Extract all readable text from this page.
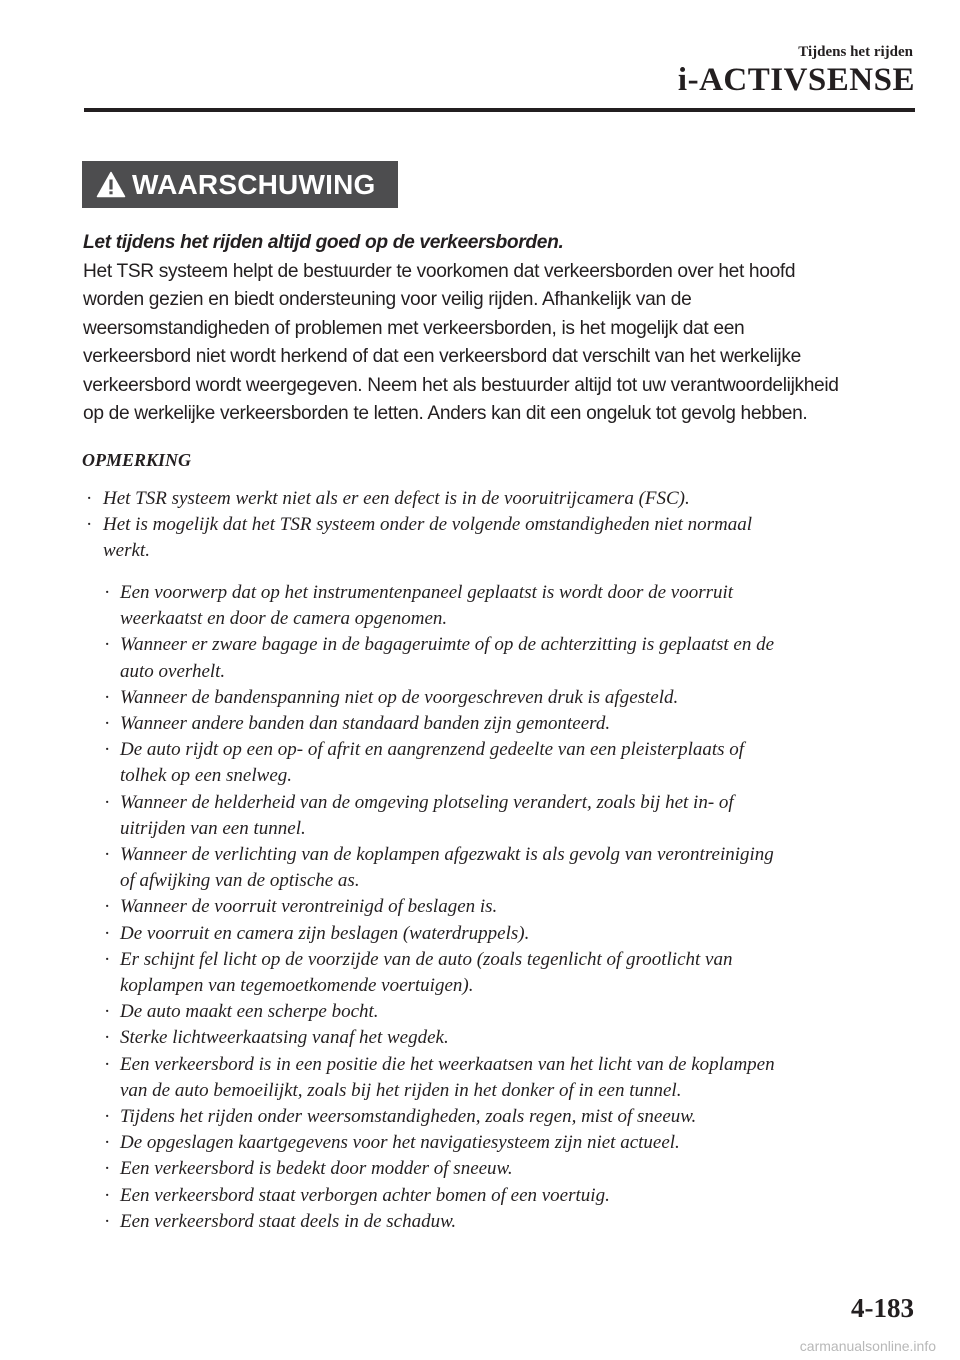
Tijdens het rijden
i-ACTIVSENSE
WAARSCHUWING
Let tijdens het rijden altijd goed op de verkeersborden.
Het TSR systeem helpt de bestuurder te voorkomen dat verkeersborden over het hoofd
worden gezien en biedt ondersteuning voor veilig rijden. Afhankelijk van de
weersomstandigheden of problemen met verkeersborden, is het mogelijk dat een
verkeersbord niet wordt herkend of dat een verkeersbord dat verschilt van het werkelijke
verkeersbord wordt weergegeven. Neem het als bestuurder altijd tot uw verantwoordelijkheid
op de werkelijke verkeersborden te letten. Anders kan dit een ongeluk tot gevolg hebben.
OPMERKING
· Het TSR systeem werkt niet als er een defect is in de vooruitrijcamera (FSC).
· Het is mogelijk dat het TSR systeem onder de volgende omstandigheden niet normaal
werkt.
· Een voorwerp dat op het instrumentenpaneel geplaatst is wordt door de voorruit
weerkaatst en door de camera opgenomen.
· Wanneer er zware bagage in de bagageruimte of op de achterzitting is geplaatst en de
auto overhelt.
· Wanneer de bandenspanning niet op de voorgeschreven druk is afgesteld.
· Wanneer andere banden dan standaard banden zijn gemonteerd.
· De auto rijdt op een op- of afrit en aangrenzend gedeelte van een pleisterplaats of
tolhek op een snelweg.
· Wanneer de helderheid van de omgeving plotseling verandert, zoals bij het in- of
uitrijden van een tunnel.
· Wanneer de verlichting van de koplampen afgezwakt is als gevolg van verontreiniging
of afwijking van de optische as.
· Wanneer de voorruit verontreinigd of beslagen is.
· De voorruit en camera zijn beslagen (waterdruppels).
· Er schijnt fel licht op de voorzijde van de auto (zoals tegenlicht of grootlicht van
koplampen van tegemoetkomende voertuigen).
· De auto maakt een scherpe bocht.
· Sterke lichtweerkaatsing vanaf het wegdek.
· Een verkeersbord is in een positie die het weerkaatsen van het licht van de koplampen
van de auto bemoeilijkt, zoals bij het rijden in het donker of in een tunnel.
· Tijdens het rijden onder weersomstandigheden, zoals regen, mist of sneeuw.
· De opgeslagen kaartgegevens voor het navigatiesysteem zijn niet actueel.
· Een verkeersbord is bedekt door modder of sneeuw.
· Een verkeersbord staat verborgen achter bomen of een voertuig.
· Een verkeersbord staat deels in de schaduw.
4-183
carmanualsonline.info
